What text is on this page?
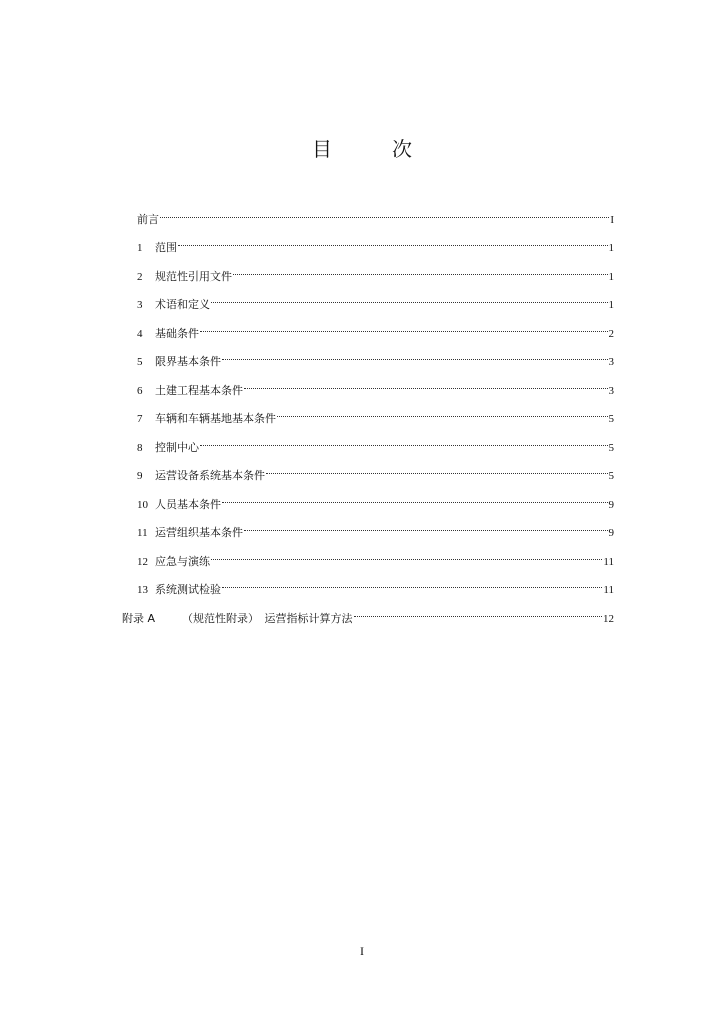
目　次
前言	I
1	范围	1
2	规范性引用文件	1
3	术语和定义	1
4	基础条件	2
5	限界基本条件	3
6	土建工程基本条件	3
7	车辆和车辆基地基本条件	5
8	控制中心	5
9	运营设备系统基本条件	5
10 人员基本条件	9
11 运营组织基本条件	9
12 应急与演练	11
13 系统测试检验	11
附录 A	（规范性附录）　运营指标计算方法	12
I
